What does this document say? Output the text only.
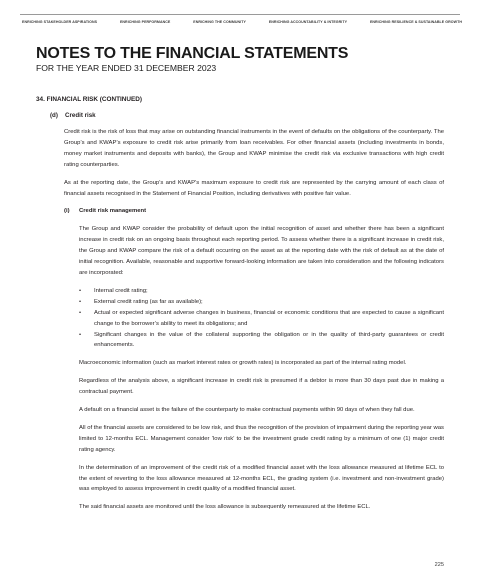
ENRICHING STAKEHOLDER ASPIRATIONS	ENRICHING PERFORMANCE	ENRICHING THE COMMUNITY	ENRICHING ACCOUNTABILITY & INTEGRITY	ENRICHING RESILIENCE & SUSTAINABLE GROWTH
NOTES TO THE FINANCIAL STATEMENTS
FOR THE YEAR ENDED 31 DECEMBER 2023
34. FINANCIAL RISK (CONTINUED)
(d) Credit risk

Credit risk is the risk of loss that may arise on outstanding financial instruments in the event of defaults on the obligations of the counterparty. The Group’s and KWAP’s exposure to credit risk arise primarily from loan receivables. For other financial assets (including investments in bonds, money market instruments and deposits with banks), the Group and KWAP minimise the credit risk via exclusive transactions with high credit rating counterparties.

As at the reporting date, the Group’s and KWAP’s maximum exposure to credit risk are represented by the carrying amount of each class of financial assets recognised in the Statement of Financial Position, including derivatives with positive fair value.

(i) Credit risk management

The Group and KWAP consider the probability of default upon the initial recognition of asset and whether there has been a significant increase in credit risk on an ongoing basis throughout each reporting period. To assess whether there is a significant increase in credit risk, the Group and KWAP compare the risk of a default occurring on the asset as at the reporting date with the risk of default as at the date of initial recognition. Available, reasonable and supportive forward-looking information are taken into consideration and the following indicators are incorporated:

• Internal credit rating;
• External credit rating (as far as available);
• Actual or expected significant adverse changes in business, financial or economic conditions that are expected to cause a significant change to the borrower’s ability to meet its obligations; and
• Significant changes in the value of the collateral supporting the obligation or in the quality of third-party guarantees or credit enhancements.

Macroeconomic information (such as market interest rates or growth rates) is incorporated as part of the internal rating model.

Regardless of the analysis above, a significant increase in credit risk is presumed if a debtor is more than 30 days past due in making a contractual payment.

A default on a financial asset is the failure of the counterparty to make contractual payments within 90 days of when they fall due.

All of the financial assets are considered to be low risk, and thus the recognition of the provision of impairment during the reporting year was limited to 12-months ECL. Management consider ‘low risk’ to be the investment grade credit rating by a minimum of one (1) major credit rating agency.

In the determination of an improvement of the credit risk of a modified financial asset with the loss allowance measured at lifetime ECL to the extent of reverting to the loss allowance measured at 12-months ECL, the grading system (i.e. investment and non-investment grade) was employed to assess improvement in credit quality of a modified financial asset.

The said financial assets are monitored until the loss allowance is subsequently remeasured at the lifetime ECL.

225
